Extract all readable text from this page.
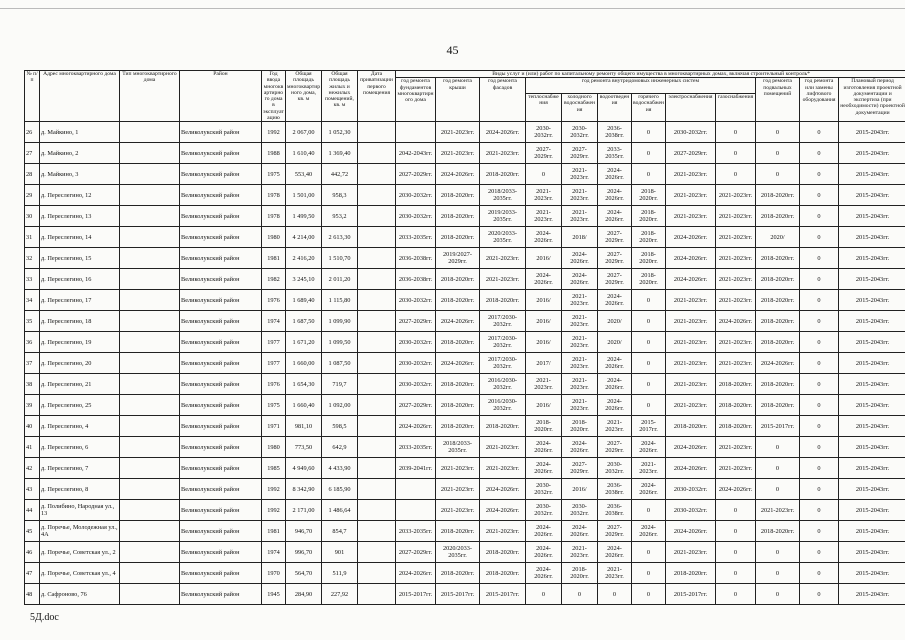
45
№ п/п	Адрес многоквартирного дома	Тип многоквартирного дома	Район	Год ввода многоквартирного дома в эксплуатацию	Общая площадь многоквартирного дома, кв. м	Общая площадь жилых и нежилых помещений, кв. м	Дата приватизации первого помещения	Виды услуг и (или) работ по капитальному ремонту общего имущества в многоквартирных домах, включая строительный контроль*											
								год ремонта фундаментов многоквартирного дома	год ремонта крыши	год ремонта фасадов	год ремонта внутридомовых инженерных систем						год ремонта подвальных помещений	год ремонта или замены лифтового оборудования	Плановый период изготовления проектной документации и экспертиза (при необходимости) проектной документации
											теплоснабжения	холодного водоснабжения	водоотведения	горячего водоснабжения	электроснабжения	газоснабжения			
26	д. Майкино, 1		Великолукский район	1992	2 067,00	1 052,30			2021-2023гг.	2024-2026гг.	2030-2032гг.	2030-2032гг.	2036-2038гг.	0	2030-2032гг.	0	0	0	2015-2043гг.
27	д. Майкино, 2		Великолукский район	1988	1 610,40	1 369,40		2042-2043гг.	2021-2023гг.	2021-2023гг.	2027-2029гг.	2027-2029гг.	2033-2035гг.	0	2027-2029гг.	0	0	0	2015-2043гг.
28	д. Майкино, 3		Великолукский район	1975	553,40	442,72		2027-2029гг.	2024-2026гг.	2018-2020гг.	0	2021-2023гг.	2024-2026гг.	0	2021-2023гг.	0	0	0	2015-2043гг.
29	д. Переслегино, 12		Великолукский район	1978	1 501,00	958,3		2030-2032гг.	2018-2020гг.	2018/2033-2035гг.	2021-2023гг.	2021-2023гг.	2024-2026гг.	2018-2020гг.	2021-2023гг.	2021-2023гг.	2018-2020гг.	0	2015-2043гг.
30	д. Переслегино, 13		Великолукский район	1978	1 499,50	953,2		2030-2032гг.	2018-2020гг.	2019/2033-2035гг.	2021-2023гг.	2021-2023гг.	2024-2026гг.	2018-2020гг.	2021-2023гг.	2021-2023гг.	2018-2020гг.	0	2015-2043гг.
31	д. Переслегино, 14		Великолукский район	1980	4 214,00	2 613,30		2033-2035гг.	2018-2020гг.	2020/2033-2035гг.	2024-2026гг.	2018/	2027-2029гг.	2018-2020гг.	2024-2026гг.	2021-2023гг.	2020/	0	2015-2043гг.
32	д. Переслегино, 15		Великолукский район	1981	2 416,20	1 510,70		2036-2038гг.	2019/2027-2029гг.	2021-2023гг.	2016/	2024-2026гг.	2027-2029гг.	2018-2020гг.	2024-2026гг.	2021-2023гг.	2018-2020гг.	0	2015-2043гг.
33	д. Переслегино, 16		Великолукский район	1982	3 245,10	2 011,20		2036-2038гг.	2018-2020гг.	2021-2023гг.	2024-2026гг.	2024-2026гг.	2027-2029гг.	2018-2020гг.	2024-2026гг.	2021-2023гг.	2018-2020гг.	0	2015-2043гг.
34	д. Переслегино, 17		Великолукский район	1976	1 689,40	1 115,80		2030-2032гг.	2018-2020гг.	2018-2020гг.	2016/	2021-2023гг.	2024-2026гг.	0	2021-2023гг.	2021-2023гг.	2018-2020гг.	0	2015-2043гг.
35	д. Переслегино, 18		Великолукский район	1974	1 687,50	1 099,90		2027-2029гг.	2024-2026гг.	2017/2030-2032гг.	2016/	2021-2023гг.	2020/	0	2021-2023гг.	2024-2026гг.	2018-2020гг.	0	2015-2043гг.
36	д. Переслегино, 19		Великолукский район	1977	1 671,20	1 099,50		2030-2032гг.	2018-2020гг.	2017/2030-2032гг.	2016/	2021-2023гг.	2020/	0	2021-2023гг.	2021-2023гг.	2018-2020гг.	0	2015-2043гг.
37	д. Переслегино, 20		Великолукский район	1977	1 660,00	1 087,50		2030-2032гг.	2024-2026гг.	2017/2030-2032гг.	2017/	2021-2023гг.	2024-2026гг.	0	2021-2023гг.	2021-2023гг.	2024-2026гг.	0	2015-2043гг.
38	д. Переслегино, 21		Великолукский район	1976	1 654,30	719,7		2030-2032гг.	2018-2020гг.	2016/2030-2032гг.	2021-2023гг.	2021-2023гг.	2024-2026гг.	0	2021-2023гг.	2018-2020гг.	2018-2020гг.	0	2015-2043гг.
39	д. Переслегино, 25		Великолукский район	1975	1 660,40	1 092,00		2027-2029гг.	2018-2020гг.	2016/2030-2032гг.	2016/	2021-2023гг.	2024-2026гг.	0	2021-2023гг.	2018-2020гг.	2018-2020гг.	0	2015-2043гг.
40	д. Переслегино, 4		Великолукский район	1971	981,10	598,5		2024-2026гг.	2018-2020гг.	2018-2020гг.	2018-2020гг.	2018-2020гг.	2021-2023гг.	2015-2017гг.	2018-2020гг.	2018-2020гг.	2015-2017гг.	0	2015-2043гг.
41	д. Переслегино, 6		Великолукский район	1980	773,50	642,9		2033-2035гг.	2018/2033-2035гг.	2021-2023гг.	2024-2026гг.	2024-2026гг.	2027-2029гг.	2024-2026гг.	2024-2026гг.	2021-2023гг.	0	0	2015-2043гг.
42	д. Переслегино, 7		Великолукский район	1985	4 949,60	4 433,90		2039-2041гг.	2021-2023гг.	2021-2023гг.	2024-2026гг.	2027-2029гг.	2030-2032гг.	2021-2023гг.	2024-2026гг.	2021-2023гг.	0	0	2015-2043гг.
43	д. Переслегино, 8		Великолукский район	1992	8 342,90	6 185,90			2021-2023гг.	2024-2026гг.	2030-2032гг.	2016/	2036-2038гг.	2024-2026гг.	2030-2032гг.	2024-2026гг.	0	0	2015-2043гг.
44	д. Полибино, Народная ул., 13		Великолукский район	1992	2 171,00	1 486,64			2021-2023гг.	2024-2026гг.	2030-2032гг.	2030-2032гг.	2036-2038гг.	0	2030-2032гг.	0	2021-2023гг.	0	2015-2043гг.
45	д. Поречье, Молодежная ул., 4А		Великолукский район	1981	946,70	854,7		2033-2035гг.	2018-2020гг.	2021-2023гг.	2024-2026гг.	2024-2026гг.	2027-2029гг.	2024-2026гг.	2024-2026гг.	0	2018-2020гг.	0	2015-2043гг.
46	д. Поречье, Советская ул., 2		Великолукский район	1974	996,70	901		2027-2029гг.	2020/2033-2035гг.	2018-2020гг.	2024-2026гг.	2021-2023гг.	2024-2026гг.	0	2021-2023гг.	0	0	0	2015-2043гг.
47	д. Поречье, Советская ул., 4		Великолукский район	1970	564,70	511,9		2024-2026гг.	2018-2020гг.	2018-2020гг.	2024-2026гг.	2018-2020гг.	2021-2023гг.	0	2018-2020гг.	0	0	0	2015-2043гг.
48	д. Сафроново, 76		Великолукский район	1945	284,90	227,92		2015-2017гг.	2015-2017гг.	2015-2017гг.	0	0	0	0	2015-2017гг.	0	0	0	2015-2043гг.
5Д.doc
